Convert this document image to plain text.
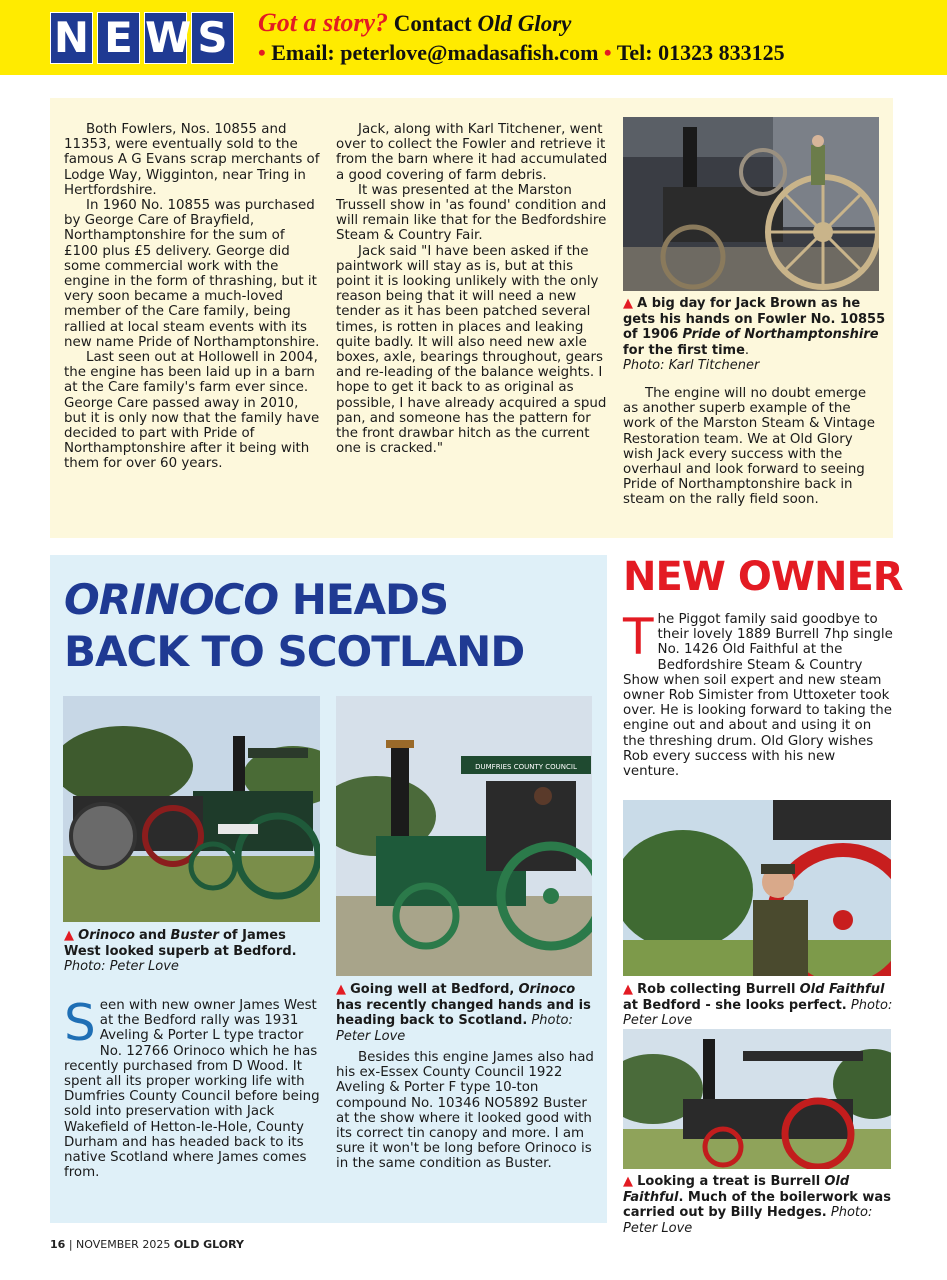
N E W S Got a story? Contact Old Glory
• Email: peterlove@madasafish.com • Tel: 01323 833125

Both Fowlers, Nos. 10855 and 11353, were eventually sold to the famous A G Evans scrap merchants of Lodge Way, Wigginton, near Tring in Hertfordshire.

In 1960 No. 10855 was purchased by George Care of Brayfield, Northamptonshire for the sum of £100 plus £5 delivery. George did some commercial work with the engine in the form of thrashing, but it very soon became a much-loved member of the Care family, being rallied at local steam events with its new name Pride of Northamptonshire.

Last seen out at Hollowell in 2004, the engine has been laid up in a barn at the Care family's farm ever since. George Care passed away in 2010, but it is only now that the family have decided to part with Pride of Northamptonshire after it being with them for over 60 years.

Jack, along with Karl Titchener, went over to collect the Fowler and retrieve it from the barn where it had accumulated a good covering of farm debris.

It was presented at the Marston Trussell show in 'as found' condition and will remain like that for the Bedfordshire Steam & Country Fair.

Jack said "I have been asked if the paintwork will stay as is, but at this point it is looking unlikely with the only reason being that it will need a new tender as it has been patched several times, is rotten in places and leaking quite badly. It will also need new axle boxes, axle, bearings throughout, gears and re-leading of the balance weights. I hope to get it back to as original as possible, I have already acquired a spud pan, and someone has the pattern for the front drawbar hitch as the current one is cracked."

▲ A big day for Jack Brown as he gets his hands on Fowler No. 10855 of 1906 Pride of Northamptonshire for the first time.
Photo: Karl Titchener

The engine will no doubt emerge as another superb example of the work of the Marston Steam & Vintage Restoration team. We at Old Glory wish Jack every success with the overhaul and look forward to seeing Pride of Northamptonshire back in steam on the rally field soon.

ORINOCO HEADS BACK TO SCOTLAND
▲ Orinoco and Buster of James West looked superb at Bedford. Photo: Peter Love
DUMFRIES COUNTY COUNCIL
▲ Going well at Bedford, Orinoco has recently changed hands and is heading back to Scotland. Photo: Peter Love

Seen with new owner James West at the Bedford rally was 1931 Aveling & Porter L type tractor No. 12766 Orinoco which he has recently purchased from D Wood. It spent all its proper working life with Dumfries County Council before being sold into preservation with Jack Wakefield of Hetton-le-Hole, County Durham and has headed back to its native Scotland where James comes from.

Besides this engine James also had his ex-Essex County Council 1922 Aveling & Porter F type 10-ton compound No. 10346 NO5892 Buster at the show where it looked good with its correct tin canopy and more. I am sure it won't be long before Orinoco is in the same condition as Buster.

NEW OWNER

The Piggot family said goodbye to their lovely 1889 Burrell 7hp single No. 1426 Old Faithful at the Bedfordshire Steam & Country Show when soil expert and new steam owner Rob Simister from Uttoxeter took over. He is looking forward to taking the engine out and about and using it on the threshing drum. Old Glory wishes Rob every success with his new venture.

▲ Rob collecting Burrell Old Faithful at Bedford - she looks perfect. Photo: Peter Love
▲ Looking a treat is Burrell Old Faithful. Much of the boilerwork was carried out by Billy Hedges. Photo: Peter Love
16 | NOVEMBER 2025 OLD GLORY
